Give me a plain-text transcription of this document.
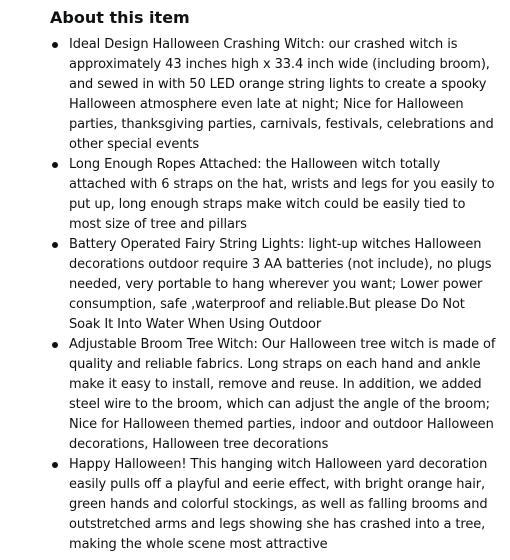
About this item
Ideal Design Halloween Crashing Witch: our crashed witch is approximately 43 inches high x 33.4 inch wide (including broom), and sewed in with 50 LED orange string lights to create a spooky Halloween atmosphere even late at night; Nice for Halloween parties, thanksgiving parties, carnivals, festivals, celebrations and other special events
Long Enough Ropes Attached: the Halloween witch totally attached with 6 straps on the hat, wrists and legs for you easily to put up, long enough straps make witch could be easily tied to most size of tree and pillars
Battery Operated Fairy String Lights: light-up witches Halloween decorations outdoor require 3 AA batteries (not include), no plugs needed, very portable to hang wherever you want; Lower power consumption, safe ,waterproof and reliable.But please Do Not Soak It Into Water When Using Outdoor
Adjustable Broom Tree Witch: Our Halloween tree witch is made of quality and reliable fabrics. Long straps on each hand and ankle make it easy to install, remove and reuse. In addition, we added steel wire to the broom, which can adjust the angle of the broom; Nice for Halloween themed parties, indoor and outdoor Halloween decorations, Halloween tree decorations
Happy Halloween! This hanging witch Halloween yard decoration easily pulls off a playful and eerie effect, with bright orange hair, green hands and colorful stockings, as well as falling brooms and outstretched arms and legs showing she has crashed into a tree, making the whole scene most attractive
